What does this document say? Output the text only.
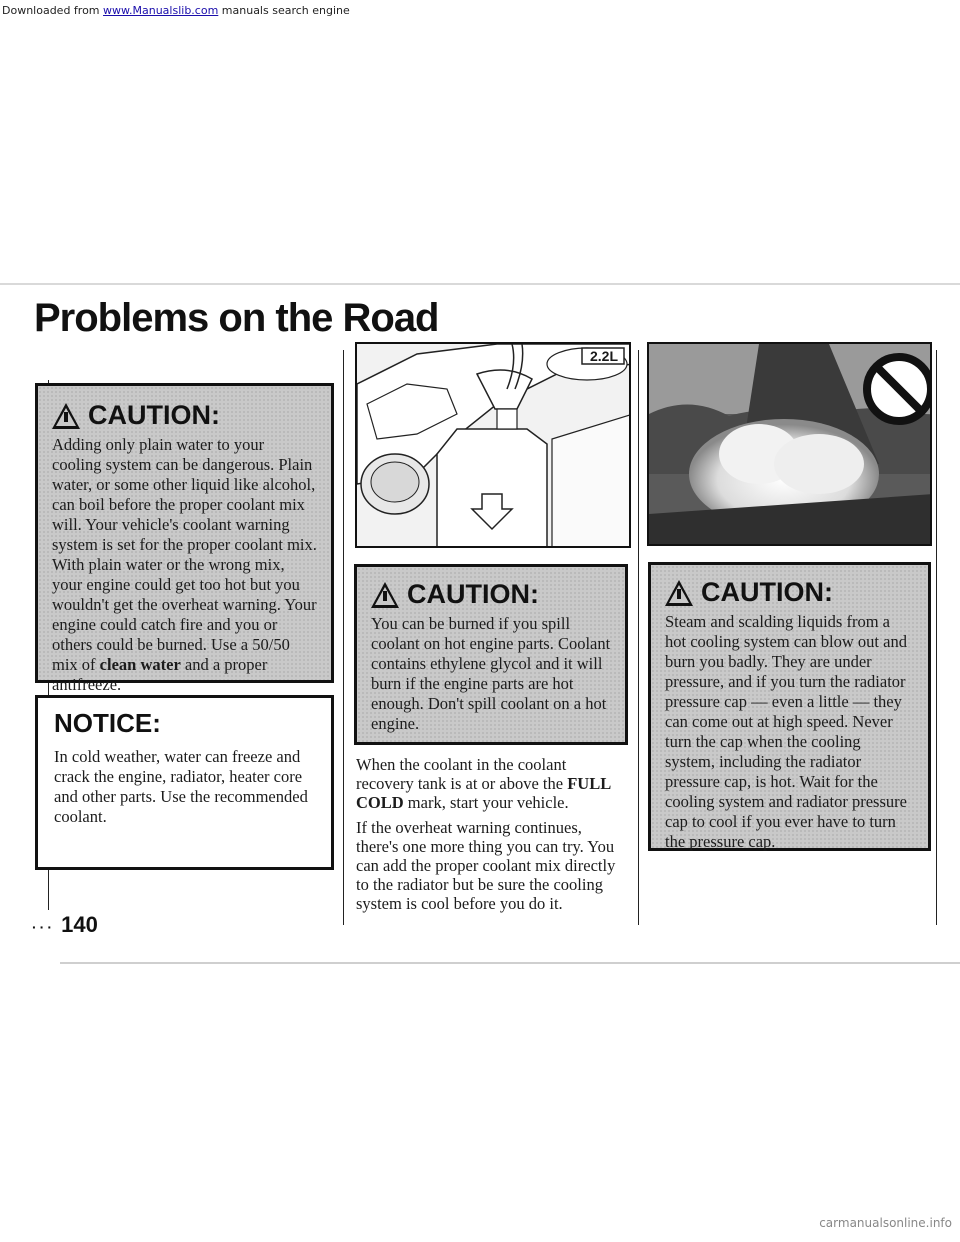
Downloaded from www.Manualslib.com manuals search engine
Problems on the Road
CAUTION:
Adding only plain water to your cooling system can be dangerous. Plain water, or some other liquid like alcohol, can boil before the proper coolant mix will. Your vehicle's coolant warning system is set for the proper coolant mix. With plain water or the wrong mix, your engine could get too hot but you wouldn't get the overheat warning. Your engine could catch fire and you or others could be burned. Use a 50/50 mix of clean water and a proper antifreeze.
NOTICE:
In cold weather, water can freeze and crack the engine, radiator, heater core and other parts. Use the recommended coolant.
2.2L
CAUTION:
You can be burned if you spill coolant on hot engine parts. Coolant contains ethylene glycol and it will burn if the engine parts are hot enough. Don't spill coolant on a hot engine.

When the coolant in the coolant recovery tank is at or above the FULL COLD mark, start your vehicle.

If the overheat warning continues, there's one more thing you can try. You can add the proper coolant mix directly to the radiator but be sure the cooling system is cool before you do it.

CAUTION:
Steam and scalding liquids from a hot cooling system can blow out and burn you badly. They are under pressure, and if you turn the radiator pressure cap — even a little — they can come out at high speed. Never turn the cap when the cooling system, including the radiator pressure cap, is hot. Wait for the cooling system and radiator pressure cap to cool if you ever have to turn the pressure cap.
··· 140
carmanualsonline.info
